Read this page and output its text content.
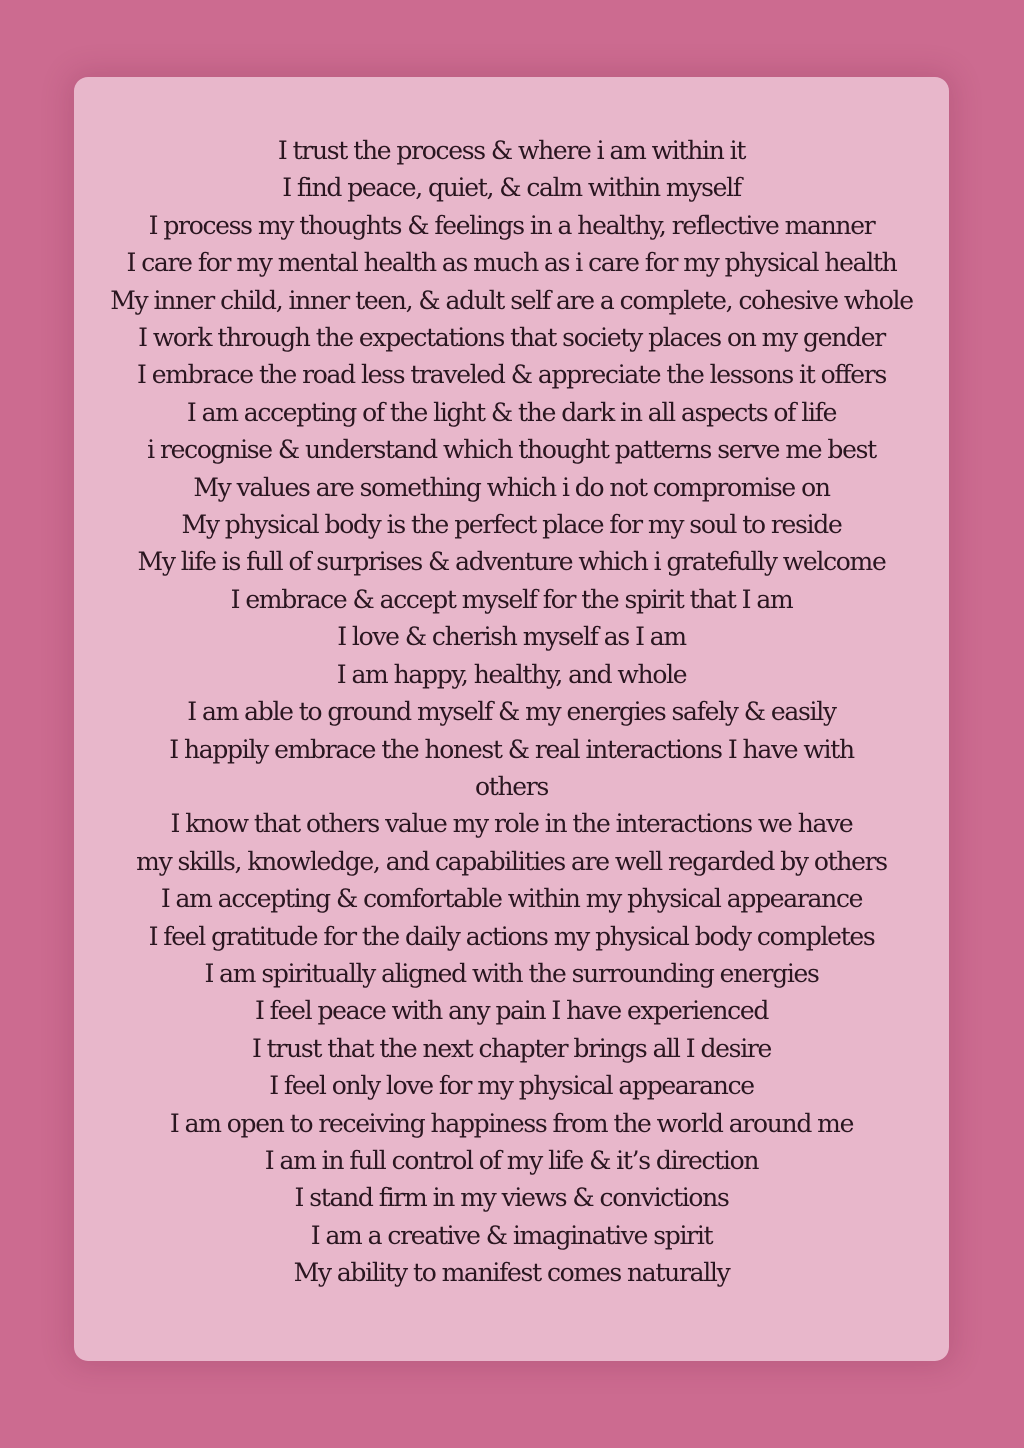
I trust the process & where i am within it
I find peace, quiet, & calm within myself
I process my thoughts & feelings in a healthy, reflective manner
I care for my mental health as much as i care for my physical health
My inner child, inner teen, & adult self are a complete, cohesive whole
I work through the expectations that society places on my gender
I embrace the road less traveled & appreciate the lessons it offers
I am accepting of the light & the dark in all aspects of life
i recognise & understand which thought patterns serve me best
My values are something which i do not compromise on
My physical body is the perfect place for my soul to reside
My life is full of surprises & adventure which i gratefully welcome
I embrace & accept myself for the spirit that I am
I love & cherish myself as I am
I am happy, healthy, and whole
I am able to ground myself & my energies safely & easily
I happily embrace the honest & real interactions I have with
others
I know that others value my role in the interactions we have
my skills, knowledge, and capabilities are well regarded by others
I am accepting & comfortable within my physical appearance
I feel gratitude for the daily actions my physical body completes
I am spiritually aligned with the surrounding energies
I feel peace with any pain I have experienced
I trust that the next chapter brings all I desire
I feel only love for my physical appearance
I am open to receiving happiness from the world around me
I am in full control of my life & it’s direction
I stand firm in my views & convictions
I am a creative & imaginative spirit
My ability to manifest comes naturally
